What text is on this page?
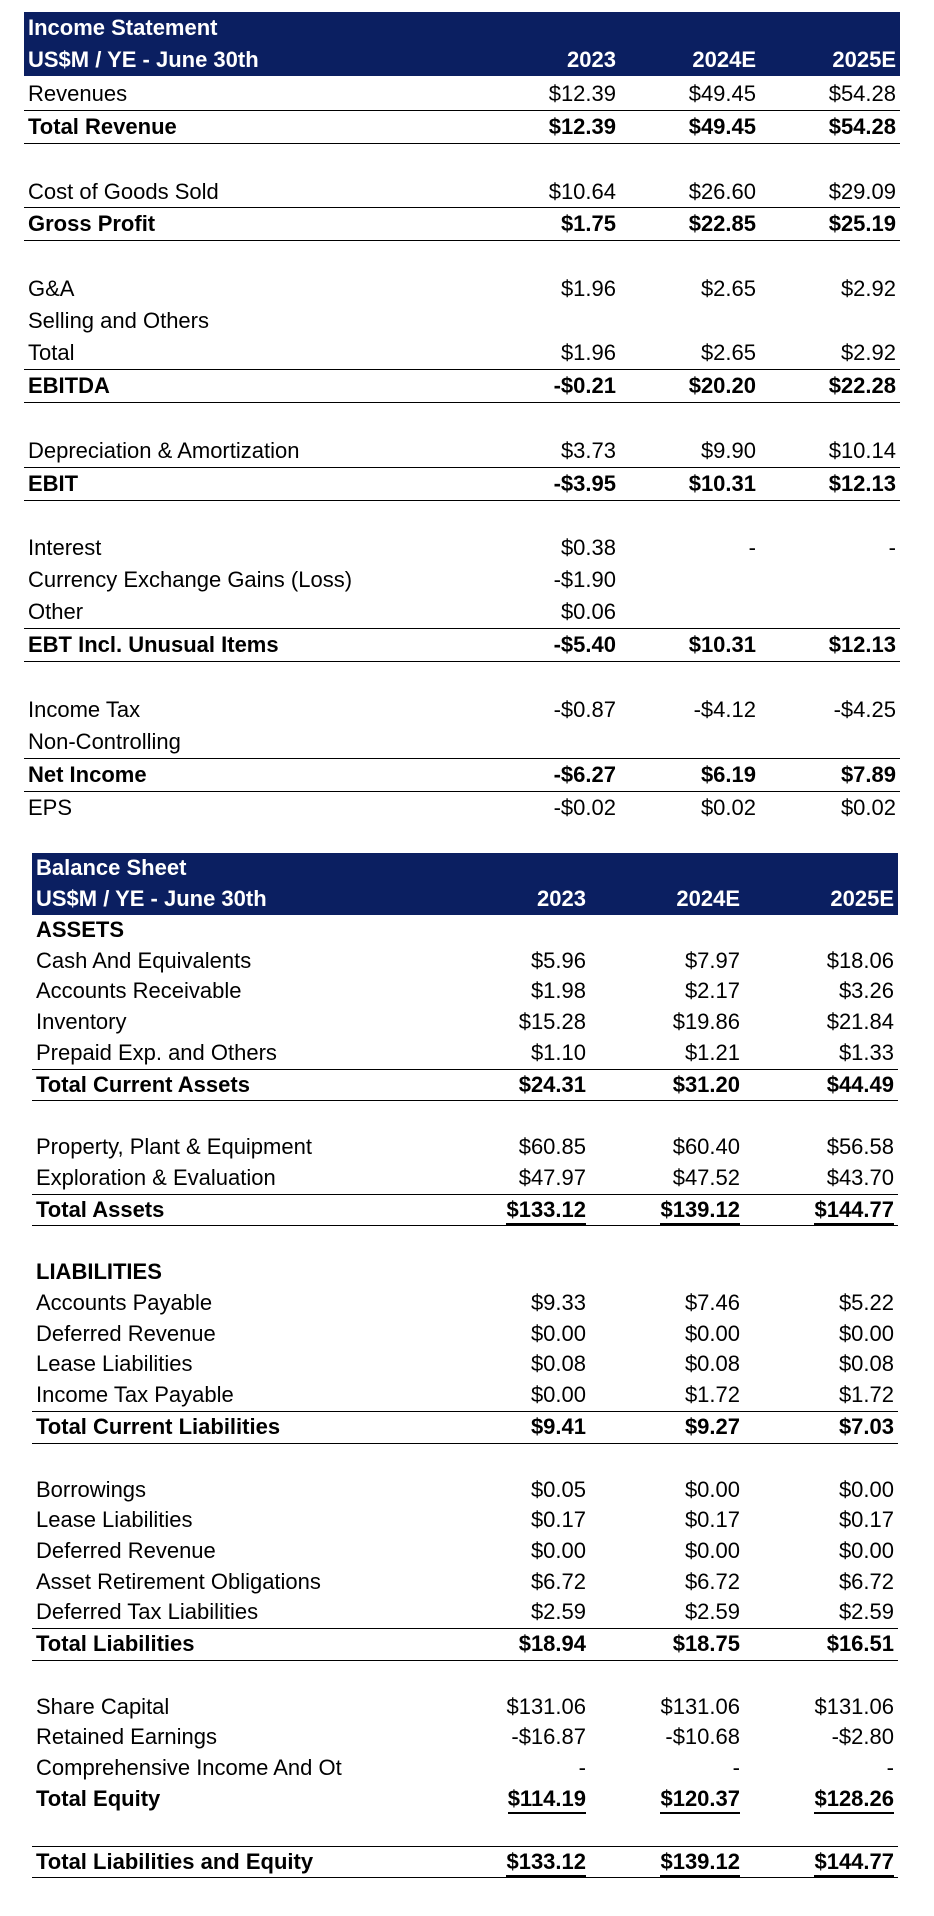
Income Statement			
US$M / YE - June 30th	2023	2024E	2025E
Revenues	$12.39	$49.45	$54.28
Total Revenue	$12.39	$49.45	$54.28

Cost of Goods Sold	$10.64	$26.60	$29.09
Gross Profit	$1.75	$22.85	$25.19

G&A	$1.96	$2.65	$2.92
Selling and Others			
Total	$1.96	$2.65	$2.92
EBITDA	-$0.21	$20.20	$22.28

Depreciation & Amortization	$3.73	$9.90	$10.14
EBIT	-$3.95	$10.31	$12.13

Interest	$0.38	-	-
Currency Exchange Gains (Loss)	-$1.90		
Other	$0.06		
EBT Incl. Unusual Items	-$5.40	$10.31	$12.13

Income Tax	-$0.87	-$4.12	-$4.25
Non-Controlling			
Net Income	-$6.27	$6.19	$7.89
EPS	-$0.02	$0.02	$0.02
Balance Sheet			
US$M / YE - June 30th	2023	2024E	2025E
ASSETS			
Cash And Equivalents	$5.96	$7.97	$18.06
Accounts Receivable	$1.98	$2.17	$3.26
Inventory	$15.28	$19.86	$21.84
Prepaid Exp. and Others	$1.10	$1.21	$1.33
Total Current Assets	$24.31	$31.20	$44.49

Property, Plant & Equipment	$60.85	$60.40	$56.58
Exploration & Evaluation	$47.97	$47.52	$43.70
Total Assets	$133.12	$139.12	$144.77

LIABILITIES			
Accounts Payable	$9.33	$7.46	$5.22
Deferred Revenue	$0.00	$0.00	$0.00
Lease Liabilities	$0.08	$0.08	$0.08
Income Tax Payable	$0.00	$1.72	$1.72
Total Current Liabilities	$9.41	$9.27	$7.03

Borrowings	$0.05	$0.00	$0.00
Lease Liabilities	$0.17	$0.17	$0.17
Deferred Revenue	$0.00	$0.00	$0.00
Asset Retirement Obligations	$6.72	$6.72	$6.72
Deferred Tax Liabilities	$2.59	$2.59	$2.59
Total Liabilities	$18.94	$18.75	$16.51

Share Capital	$131.06	$131.06	$131.06
Retained Earnings	-$16.87	-$10.68	-$2.80
Comprehensive Income And Ot	-	-	-
Total Equity	$114.19	$120.37	$128.26

Total Liabilities and Equity	$133.12	$139.12	$144.77
